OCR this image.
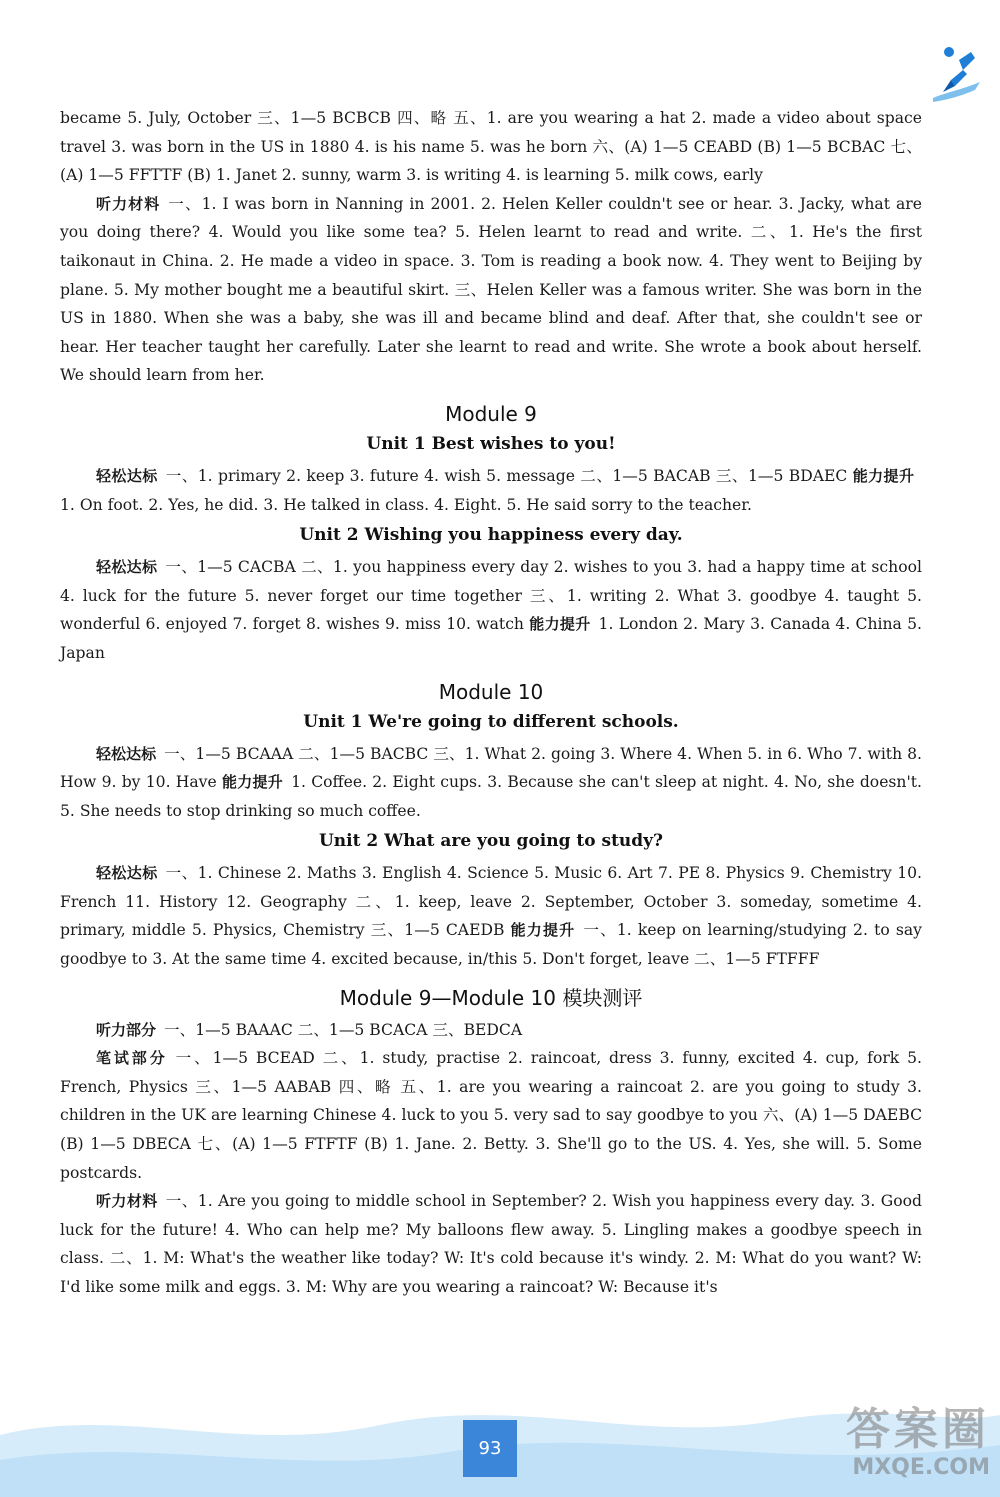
became 5. July, October 三、1—5 BCBCB 四、略 五、1. are you wearing a hat 2. made a video about space travel 3. was born in the US in 1880 4. is his name 5. was he born 六、(A) 1—5 CEABD (B) 1—5 BCBAC 七、(A) 1—5 FFTTF (B) 1. Janet 2. sunny, warm 3. is writing 4. is learning 5. milk cows, early

听力材料 一、1. I was born in Nanning in 2001. 2. Helen Keller couldn't see or hear. 3. Jacky, what are you doing there? 4. Would you like some tea? 5. Helen learnt to read and write. 二、1. He's the first taikonaut in China. 2. He made a video in space. 3. Tom is reading a book now. 4. They went to Beijing by plane. 5. My mother bought me a beautiful skirt. 三、Helen Keller was a famous writer. She was born in the US in 1880. When she was a baby, she was ill and became blind and deaf. After that, she couldn't see or hear. Her teacher taught her carefully. Later she learnt to read and write. She wrote a book about herself. We should learn from her.

Module 9
Unit 1 Best wishes to you!

轻松达标 一、1. primary 2. keep 3. future 4. wish 5. message 二、1—5 BACAB 三、1—5 BDAEC 能力提升1. On foot. 2. Yes, he did. 3. He talked in class. 4. Eight. 5. He said sorry to the teacher.

Unit 2 Wishing you happiness every day.

轻松达标 一、1—5 CACBA 二、1. you happiness every day 2. wishes to you 3. had a happy time at school 4. luck for the future 5. never forget our time together 三、1. writing 2. What 3. goodbye 4. taught 5. wonderful 6. enjoyed 7. forget 8. wishes 9. miss 10. watch 能力提升 1. London 2. Mary 3. Canada 4. China 5. Japan

Module 10
Unit 1 We're going to different schools.

轻松达标 一、1—5 BCAAA 二、1—5 BACBC 三、1. What 2. going 3. Where 4. When 5. in 6. Who 7. with 8. How 9. by 10. Have 能力提升 1. Coffee. 2. Eight cups. 3. Because she can't sleep at night. 4. No, she doesn't. 5. She needs to stop drinking so much coffee.

Unit 2 What are you going to study?

轻松达标 一、1. Chinese 2. Maths 3. English 4. Science 5. Music 6. Art 7. PE 8. Physics 9. Chemistry 10. French 11. History 12. Geography 二、1. keep, leave 2. September, October 3. someday, sometime 4. primary, middle 5. Physics, Chemistry 三、1—5 CAEDB 能力提升 一、1. keep on learning/studying 2. to say goodbye to 3. At the same time 4. excited because, in/this 5. Don't forget, leave 二、1—5 FTFFF

Module 9—Module 10 模块测评

听力部分 一、1—5 BAAAC 二、1—5 BCACA 三、BEDCA

笔试部分 一、1—5 BCEAD 二、1. study, practise 2. raincoat, dress 3. funny, excited 4. cup, fork 5. French, Physics 三、1—5 AABAB 四、略 五、1. are you wearing a raincoat 2. are you going to study 3. children in the UK are learning Chinese 4. luck to you 5. very sad to say goodbye to you 六、(A) 1—5 DAEBC (B) 1—5 DBECA 七、(A) 1—5 FTFTF (B) 1. Jane. 2. Betty. 3. She'll go to the US. 4. Yes, she will. 5. Some postcards.

听力材料 一、1. Are you going to middle school in September? 2. Wish you happiness every day. 3. Good luck for the future! 4. Who can help me? My balloons flew away. 5. Lingling makes a goodbye speech in class. 二、1. M: What's the weather like today? W: It's cold because it's windy. 2. M: What do you want? W: I'd like some milk and eggs. 3. M: Why are you wearing a raincoat? W: Because it's

93	答案圈
MXQE.COM
